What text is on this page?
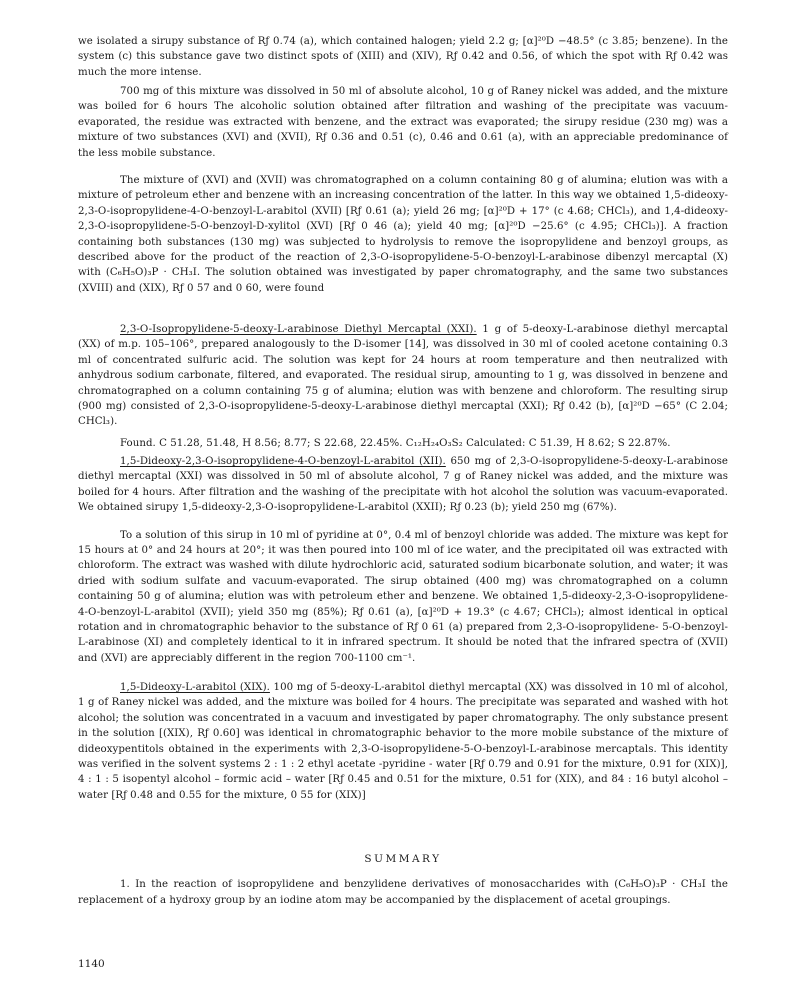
we isolated a sirupy substance of Rƒ 0.74 (a), which contained halogen; yield 2.2 g; [α]²⁰D −48.5° (c 3.85; benzene). In the system (c) this substance gave two distinct spots of (XIII) and (XIV), Rƒ 0.42 and 0.56, of which the spot with Rƒ 0.42 was much the more intense.

700 mg of this mixture was dissolved in 50 ml of absolute alcohol, 10 g of Raney nickel was added, and the mixture was boiled for 6 hours The alcoholic solution obtained after filtration and washing of the precipitate was vacuum-evaporated, the residue was extracted with benzene, and the extract was evaporated; the sirupy residue (230 mg) was a mixture of two substances (XVI) and (XVII), Rƒ 0.36 and 0.51 (c), 0.46 and 0.61 (a), with an appreciable predominance of the less mobile substance.

The mixture of (XVI) and (XVII) was chromatographed on a column containing 80 g of alumina; elution was with a mixture of petroleum ether and benzene with an increasing concentration of the latter. In this way we obtained 1,5-dideoxy-2,3-O-isopropylidene-4-O-benzoyl-L-arabitol (XVII) [Rƒ 0.61 (a); yield 26 mg; [α]²⁰D + 17° (c 4.68; CHCl₃), and 1,4-dideoxy-2,3-O-isopropylidene-5-O-benzoyl-D-xylitol (XVI) [Rƒ 0 46 (a); yield 40 mg; [α]²⁰D −25.6° (c 4.95; CHCl₃)]. A fraction containing both substances (130 mg) was subjected to hydrolysis to remove the isopropylidene and benzoyl groups, as described above for the product of the reaction of 2,3-O-isopropylidene-5-O-benzoyl-L-arabinose dibenzyl mercaptal (X) with (C₆H₅O)₃P · CH₃I. The solution obtained was investigated by paper chromatography, and the same two substances (XVIII) and (XIX), Rƒ 0 57 and 0 60, were found

2,3-O-Isopropylidene-5-deoxy-L-arabinose Diethyl Mercaptal (XXI). 1 g of 5-deoxy-L-arabinose diethyl mercaptal (XX) of m.p. 105–106°, prepared analogously to the D-isomer [14], was dissolved in 30 ml of cooled acetone containing 0.3 ml of concentrated sulfuric acid. The solution was kept for 24 hours at room temperature and then neutralized with anhydrous sodium carbonate, filtered, and evaporated. The residual sirup, amounting to 1 g, was dissolved in benzene and chromatographed on a column containing 75 g of alumina; elution was with benzene and chloroform. The resulting sirup (900 mg) consisted of 2,3-O-isopropylidene-5-deoxy-L-arabinose diethyl mercaptal (XXI); Rƒ 0.42 (b), [α]²⁰D −65° (C 2.04; CHCl₃).

Found. C 51.28, 51.48, H 8.56; 8.77; S 22.68, 22.45%. C₁₂H₂₄O₃S₂ Calculated: C 51.39, H 8.62; S 22.87%.

1,5-Dideoxy-2,3-O-isopropylidene-4-O-benzoyl-L-arabitol (XII). 650 mg of 2,3-O-isopropylidene-5-deoxy-L-arabinose diethyl mercaptal (XXI) was dissolved in 50 ml of absolute alcohol, 7 g of Raney nickel was added, and the mixture was boiled for 4 hours. After filtration and the washing of the precipitate with hot alcohol the solution was vacuum-evaporated. We obtained sirupy 1,5-dideoxy-2,3-O-isopropylidene-L-arabitol (XXII); Rƒ 0.23 (b); yield 250 mg (67%).

To a solution of this sirup in 10 ml of pyridine at 0°, 0.4 ml of benzoyl chloride was added. The mixture was kept for 15 hours at 0° and 24 hours at 20°; it was then poured into 100 ml of ice water, and the precipitated oil was extracted with chloroform. The extract was washed with dilute hydrochloric acid, saturated sodium bicarbonate solution, and water; it was dried with sodium sulfate and vacuum-evaporated. The sirup obtained (400 mg) was chromatographed on a column containing 50 g of alumina; elution was with petroleum ether and benzene. We obtained 1,5-dideoxy-2,3-O-isopropylidene-4-O-benzoyl-L-arabitol (XVII); yield 350 mg (85%); Rƒ 0.61 (a), [α]²⁰D + 19.3° (c 4.67; CHCl₃); almost identical in optical rotation and in chromatographic behavior to the substance of Rƒ 0 61 (a) prepared from 2,3-O-isopropylidene- 5-O-benzoyl-L-arabinose (XI) and completely identical to it in infrared spectrum. It should be noted that the infrared spectra of (XVII) and (XVI) are appreciably different in the region 700-1100 cm⁻¹.

1,5-Dideoxy-L-arabitol (XIX). 100 mg of 5-deoxy-L-arabitol diethyl mercaptal (XX) was dissolved in 10 ml of alcohol, 1 g of Raney nickel was added, and the mixture was boiled for 4 hours. The precipitate was separated and washed with hot alcohol; the solution was concentrated in a vacuum and investigated by paper chromatography. The only substance present in the solution [(XIX), Rƒ 0.60] was identical in chromatographic behavior to the more mobile substance of the mixture of dideoxypentitols obtained in the experiments with 2,3-O-isopropylidene-5-O-benzoyl-L-arabinose mercaptals. This identity was verified in the solvent systems 2 : 1 : 2 ethyl acetate -pyridine - water [Rƒ 0.79 and 0.91 for the mixture, 0.91 for (XIX)], 4 : 1 : 5 isopentyl alcohol – formic acid – water [Rƒ 0.45 and 0.51 for the mixture, 0.51 for (XIX), and 84 : 16 butyl alcohol – water [Rƒ 0.48 and 0.55 for the mixture, 0 55 for (XIX)]

SUMMARY

1. In the reaction of isopropylidene and benzylidene derivatives of monosaccharides with (C₆H₅O)₃P · CH₃I the replacement of a hydroxy group by an iodine atom may be accompanied by the displacement of acetal groupings.

1140
